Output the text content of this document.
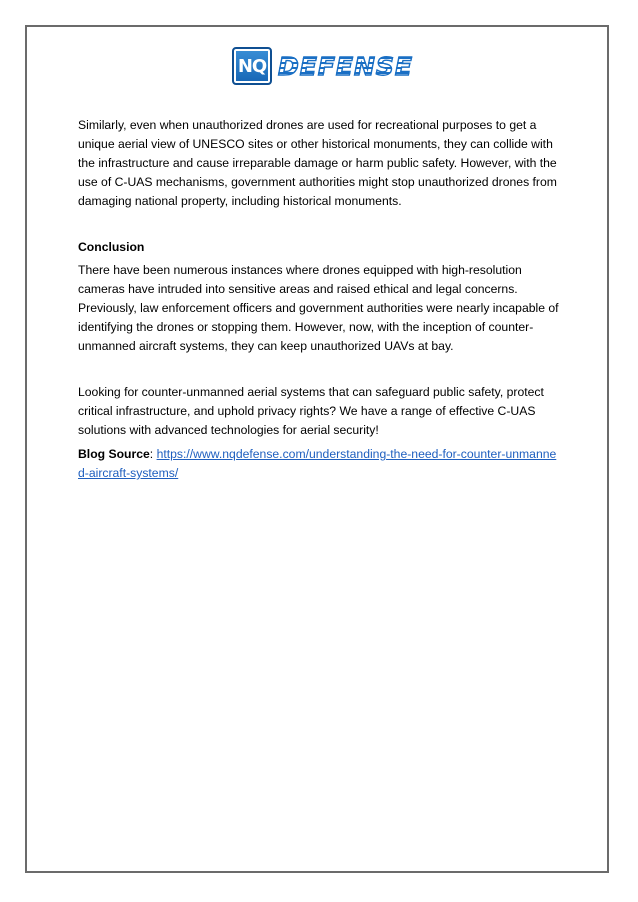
NQ DEFENSE

Similarly, even when unauthorized drones are used for recreational purposes to get a unique aerial view of UNESCO sites or other historical monuments, they can collide with the infrastructure and cause irreparable damage or harm public safety. However, with the use of C-UAS mechanisms, government authorities might stop unauthorized drones from damaging national property, including historical monuments.

Conclusion

There have been numerous instances where drones equipped with high-resolution cameras have intruded into sensitive areas and raised ethical and legal concerns. Previously, law enforcement officers and government authorities were nearly incapable of identifying the drones or stopping them. However, now, with the inception of counter-unmanned aircraft systems, they can keep unauthorized UAVs at bay.

Looking for counter-unmanned aerial systems that can safeguard public safety, protect critical infrastructure, and uphold privacy rights? We have a range of effective C-UAS solutions with advanced technologies for aerial security!

Blog Source: https://www.nqdefense.com/understanding-the-need-for-counter-unmanned-aircraft-systems/
